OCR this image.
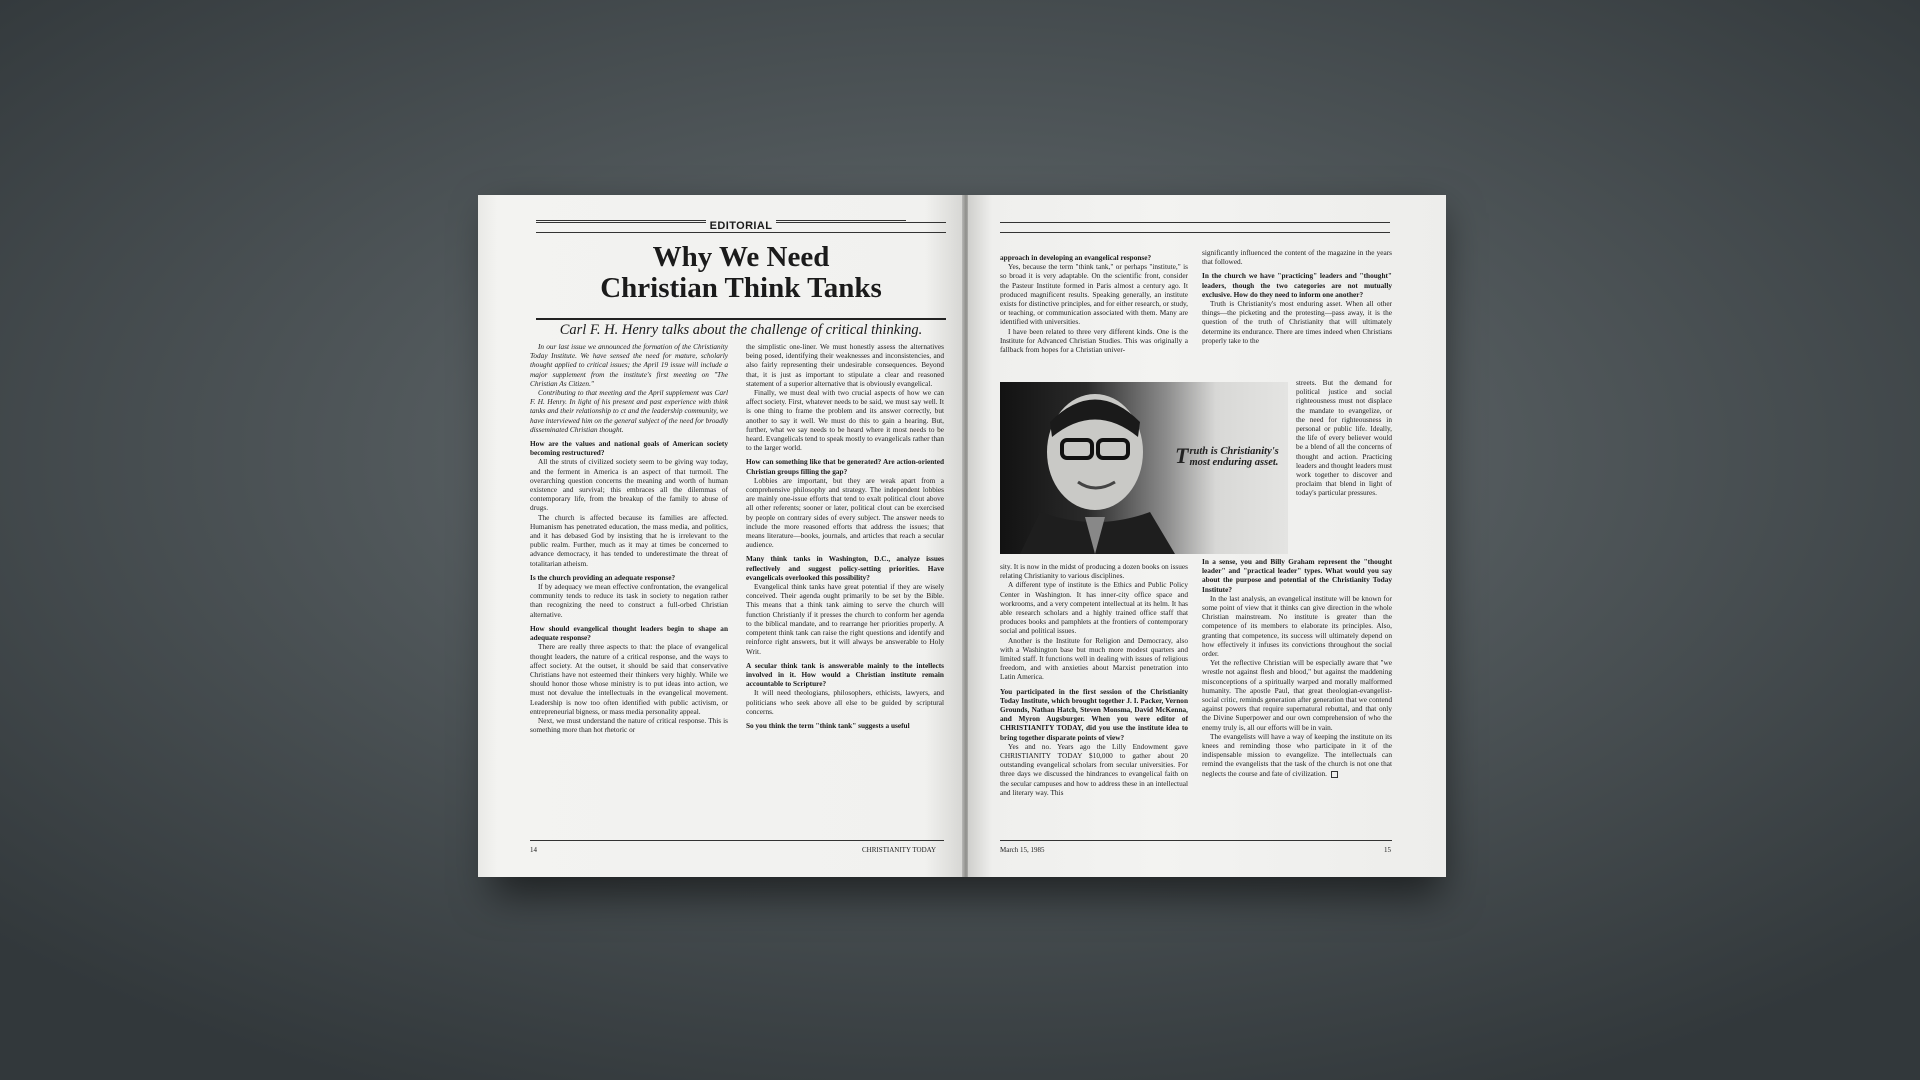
EDITORIAL
Why We Need
Christian Think Tanks
Carl F. H. Henry talks about the challenge of critical thinking.

In our last issue we announced the formation of the Christianity Today Institute. We have sensed the need for mature, scholarly thought applied to critical issues; the April 19 issue will include a major supplement from the institute's first meeting on "The Christian As Citizen."

Contributing to that meeting and the April supplement was Carl F. H. Henry. In light of his present and past experience with think tanks and their relationship to ct and the leadership community, we have interviewed him on the general subject of the need for broadly disseminated Christian thought.

How are the values and national goals of American society becoming restructured?

All the struts of civilized society seem to be giving way today, and the ferment in America is an aspect of that turmoil. The overarching question concerns the meaning and worth of human existence and survival; this embraces all the dilemmas of contemporary life, from the breakup of the family to abuse of drugs.

The church is affected because its families are affected. Humanism has penetrated education, the mass media, and politics, and it has debased God by insisting that he is irrelevant to the public realm. Further, much as it may at times be concerned to advance democracy, it has tended to underestimate the threat of totalitarian atheism.

Is the church providing an adequate response?

If by adequacy we mean effective confrontation, the evangelical community tends to reduce its task in society to negation rather than recognizing the need to construct a full-orbed Christian alternative.

How should evangelical thought leaders begin to shape an adequate response?

There are really three aspects to that: the place of evangelical thought leaders, the nature of a critical response, and the ways to affect society. At the outset, it should be said that conservative Christians have not esteemed their thinkers very highly. While we should honor those whose ministry is to put ideas into action, we must not devalue the intellectuals in the evangelical movement. Leadership is now too often identified with public activism, or entrepreneurial bigness, or mass media personality appeal.

Next, we must understand the nature of critical response. This is something more than hot rhetoric or

the simplistic one-liner. We must honestly assess the alternatives being posed, identifying their weaknesses and inconsistencies, and also fairly representing their undesirable consequences. Beyond that, it is just as important to stipulate a clear and reasoned statement of a superior alternative that is obviously evangelical.

Finally, we must deal with two crucial aspects of how we can affect society. First, whatever needs to be said, we must say well. It is one thing to frame the problem and its answer correctly, but another to say it well. We must do this to gain a hearing. But, further, what we say needs to be heard where it most needs to be heard. Evangelicals tend to speak mostly to evangelicals rather than to the larger world.

How can something like that be generated? Are action-oriented Christian groups filling the gap?

Lobbies are important, but they are weak apart from a comprehensive philosophy and strategy. The independent lobbies are mainly one-issue efforts that tend to exalt political clout above all other referents; sooner or later, political clout can be exercised by people on contrary sides of every subject. The answer needs to include the more reasoned efforts that address the issues; that means literature—books, journals, and articles that reach a secular audience.

Many think tanks in Washington, D.C., analyze issues reflectively and suggest policy-setting priorities. Have evangelicals overlooked this possibility?

Evangelical think tanks have great potential if they are wisely conceived. Their agenda ought primarily to be set by the Bible. This means that a think tank aiming to serve the church will function Christianly if it presses the church to conform her agenda to the biblical mandate, and to rearrange her priorities properly. A competent think tank can raise the right questions and identify and reinforce right answers, but it will always be answerable to Holy Writ.

A secular think tank is answerable mainly to the intellects involved in it. How would a Christian institute remain accountable to Scripture?

It will need theologians, philosophers, ethicists, lawyers, and politicians who seek above all else to be guided by scriptural concerns.

So you think the term "think tank" suggests a useful

14	CHRISTIANITY TODAY

approach in developing an evangelical response?

Yes, because the term "think tank," or perhaps "institute," is so broad it is very adaptable. On the scientific front, consider the Pasteur Institute formed in Paris almost a century ago. It produced magnificent results. Speaking generally, an institute exists for distinctive principles, and for either research, or study, or teaching, or communication associated with them. Many are identified with universities.

I have been related to three very different kinds. One is the Institute for Advanced Christian Studies. This was originally a fallback from hopes for a Christian univer-

Truth is Christianity's most enduring asset.

sity. It is now in the midst of producing a dozen books on issues relating Christianity to various disciplines.

A different type of institute is the Ethics and Public Policy Center in Washington. It has inner-city office space and workrooms, and a very competent intellectual at its helm. It has able research scholars and a highly trained office staff that produces books and pamphlets at the frontiers of contemporary social and political issues.

Another is the Institute for Religion and Democracy, also with a Washington base but much more modest quarters and limited staff. It functions well in dealing with issues of religious freedom, and with anxieties about Marxist penetration into Latin America.

You participated in the first session of the Christianity Today Institute, which brought together J. I. Packer, Vernon Grounds, Nathan Hatch, Steven Monsma, David McKenna, and Myron Augsburger. When you were editor of CHRISTIANITY TODAY, did you use the institute idea to bring together disparate points of view?

Yes and no. Years ago the Lilly Endowment gave CHRISTIANITY TODAY $10,000 to gather about 20 outstanding evangelical scholars from secular universities. For three days we discussed the hindrances to evangelical faith on the secular campuses and how to address these in an intellectual and literary way. This

significantly influenced the content of the magazine in the years that followed.

In the church we have "practicing" leaders and "thought" leaders, though the two categories are not mutually exclusive. How do they need to inform one another?

Truth is Christianity's most enduring asset. When all other things—the picketing and the protesting—pass away, it is the question of the truth of Christianity that will ultimately determine its endurance. There are times indeed when Christians properly take to the

streets. But the demand for political justice and social righteousness must not displace the mandate to evangelize, or the need for righteousness in personal or public life. Ideally, the life of every believer would be a blend of all the concerns of thought and action. Practicing leaders and thought leaders must work together to discover and proclaim that blend in light of today's particular pressures.

In a sense, you and Billy Graham represent the "thought leader" and "practical leader" types. What would you say about the purpose and potential of the Christianity Today Institute?

In the last analysis, an evangelical institute will be known for some point of view that it thinks can give direction in the whole Christian mainstream. No institute is greater than the competence of its members to elaborate its principles. Also, granting that competence, its success will ultimately depend on how effectively it infuses its convictions throughout the social order.

Yet the reflective Christian will be especially aware that "we wrestle not against flesh and blood," but against the maddening misconceptions of a spiritually warped and morally malformed humanity. The apostle Paul, that great theologian-evangelist-social critic, reminds generation after generation that we contend against powers that require supernatural rebuttal, and that only the Divine Superpower and our own comprehension of who the enemy truly is, all our efforts will be in vain.

The evangelists will have a way of keeping the institute on its knees and reminding those who participate in it of the indispensable mission to evangelize. The intellectuals can remind the evangelists that the task of the church is not one that neglects the course and fate of civilization.

March 15, 1985	15
